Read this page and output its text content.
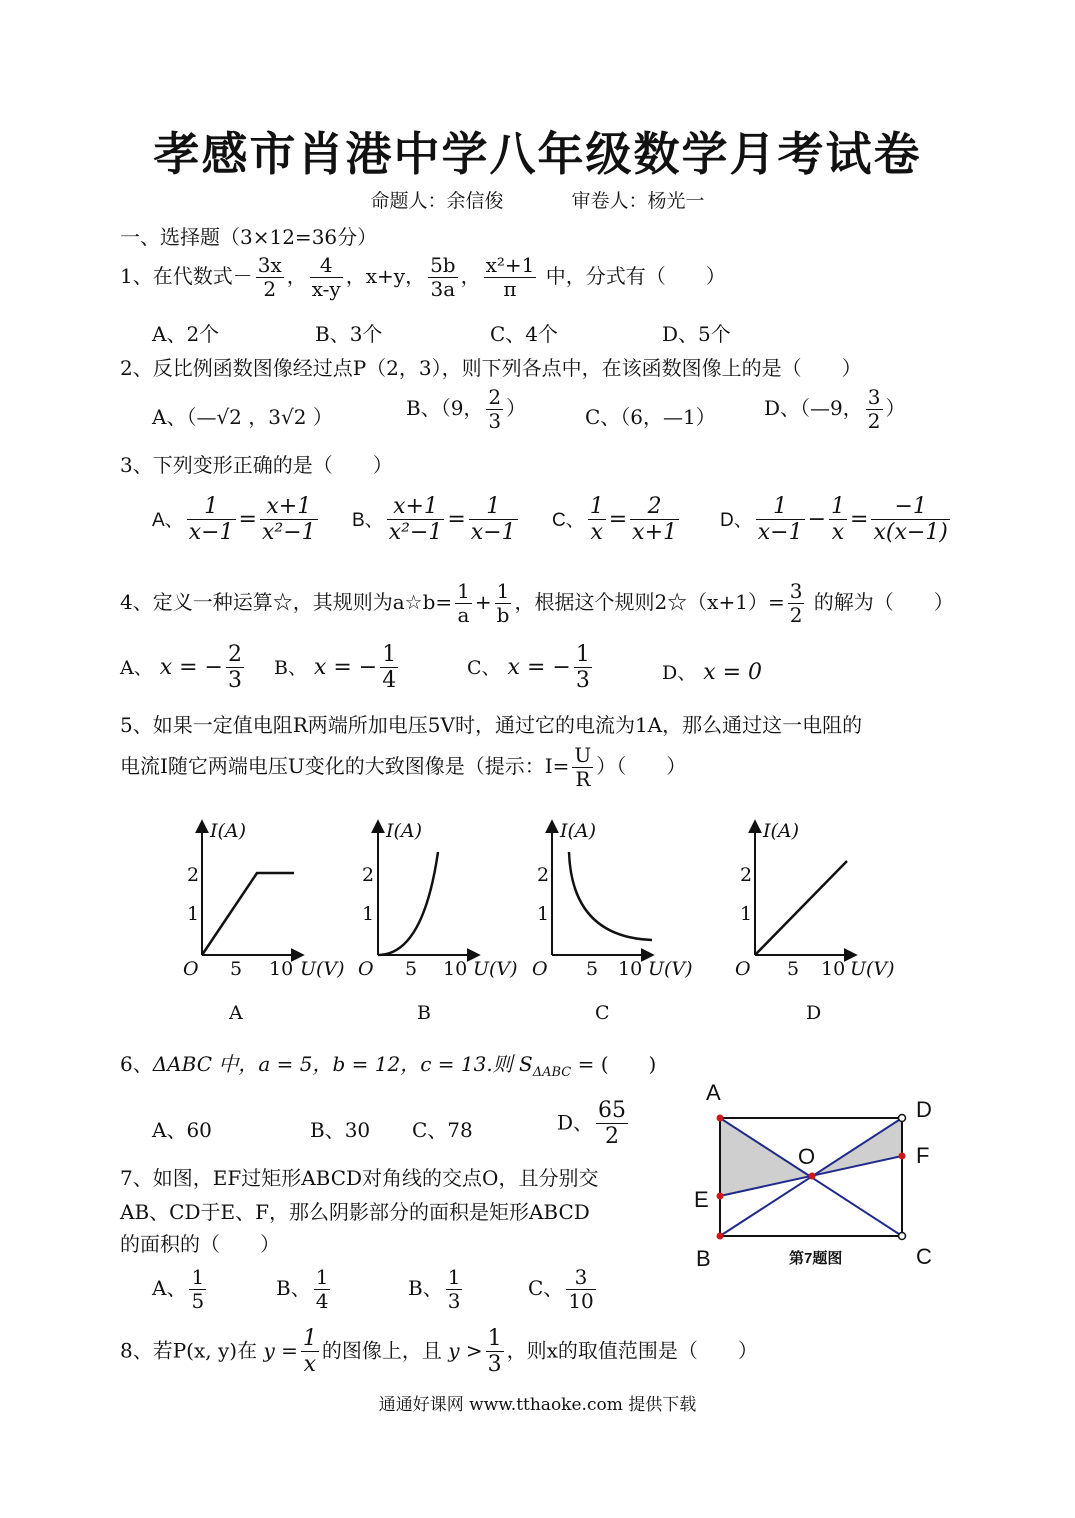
孝感市肖港中学八年级数学月考试卷
命题人：余信俊	审卷人：杨光一
一、选择题（3×12=36分）
1、在代数式－ $\frac{3x}{2}$ ， $\frac{4}{x-y}$ ，x+y， $\frac{5b}{3a}$ ， $\frac{\text{x²+1}}{\pi}$ 中，分式有（　　）
A、2个	B、3个	C、4个	D、5个
2、反比例函数图像经过点P（2，3），则下列各点中，在该函数图像上的是（　　）
A、（—√2 ，3√2 ）	B、（9， $\frac{2}{3}$ ）	C、（6，—1） D、（—9， $\frac{3}{2}$ ）
3、下列变形正确的是（　　）
A、 $\frac{1}{x-1} = \frac{x+1}{\text{x²−1}}$ B、 $\frac{x+1}{\text{x²−1}} = \frac{1}{x-1}$ C、 $\frac{1}{x} = \frac{2}{x+1}$ D、 $\frac{1}{x-1} - \frac{1}{x} = \frac{-1}{x(x-1)}$
4、定义一种运算☆，其规则为a☆b= $\frac{1}{a} + \frac{1}{b}$ ，根据这个规则2☆（x+1）= $\frac{3}{2}$ 的解为（　　）
A、 x = − $\frac{2}{3}$ B、 x = − $\frac{1}{4}$	C、 x = − $\frac{1}{3}$	D、 x = 0
5、如果一定值电阻R两端所加电压5V时，通过它的电流为1A，那么通过这一电阻的
电流I随它两端电压U变化的大致图像是（提示：$I= \frac{U}{R}$ ）（　　）
I(A)	I(A)	I(A)	I(A)
U(V)	U(V)	U(V)	U(V)
O	O	O	O
5 10
2
1
5 10
2
1
5 10
2
1
5 10
2
1
A	B	C	D
6、ΔABC 中，a = 5，b = 12，c = 13.则 $S_{\Delta ABC}$ = (　　)
A、60	B、30 C、78	D、 $\frac{65}{2}$
7、如图，EF过矩形ABCD对角线的交点O，且分别交
AB、CD于E、F，那么阴影部分的面积是矩形ABCD
的面积的（　　）
A、 $\frac{1}{5}$	B、 $\frac{1}{4}$	B、 $\frac{1}{3}$	C、 $\frac{3}{10}$
A
D
F
O
E
B	C
第7题图
8、若P(x, y)在 $y = \frac{1}{x}$ 的图像上，且 $y > \frac{1}{3}$ ，则x的取值范围是（　　）
通通好课网 www.tthaoke.com 提供下载
